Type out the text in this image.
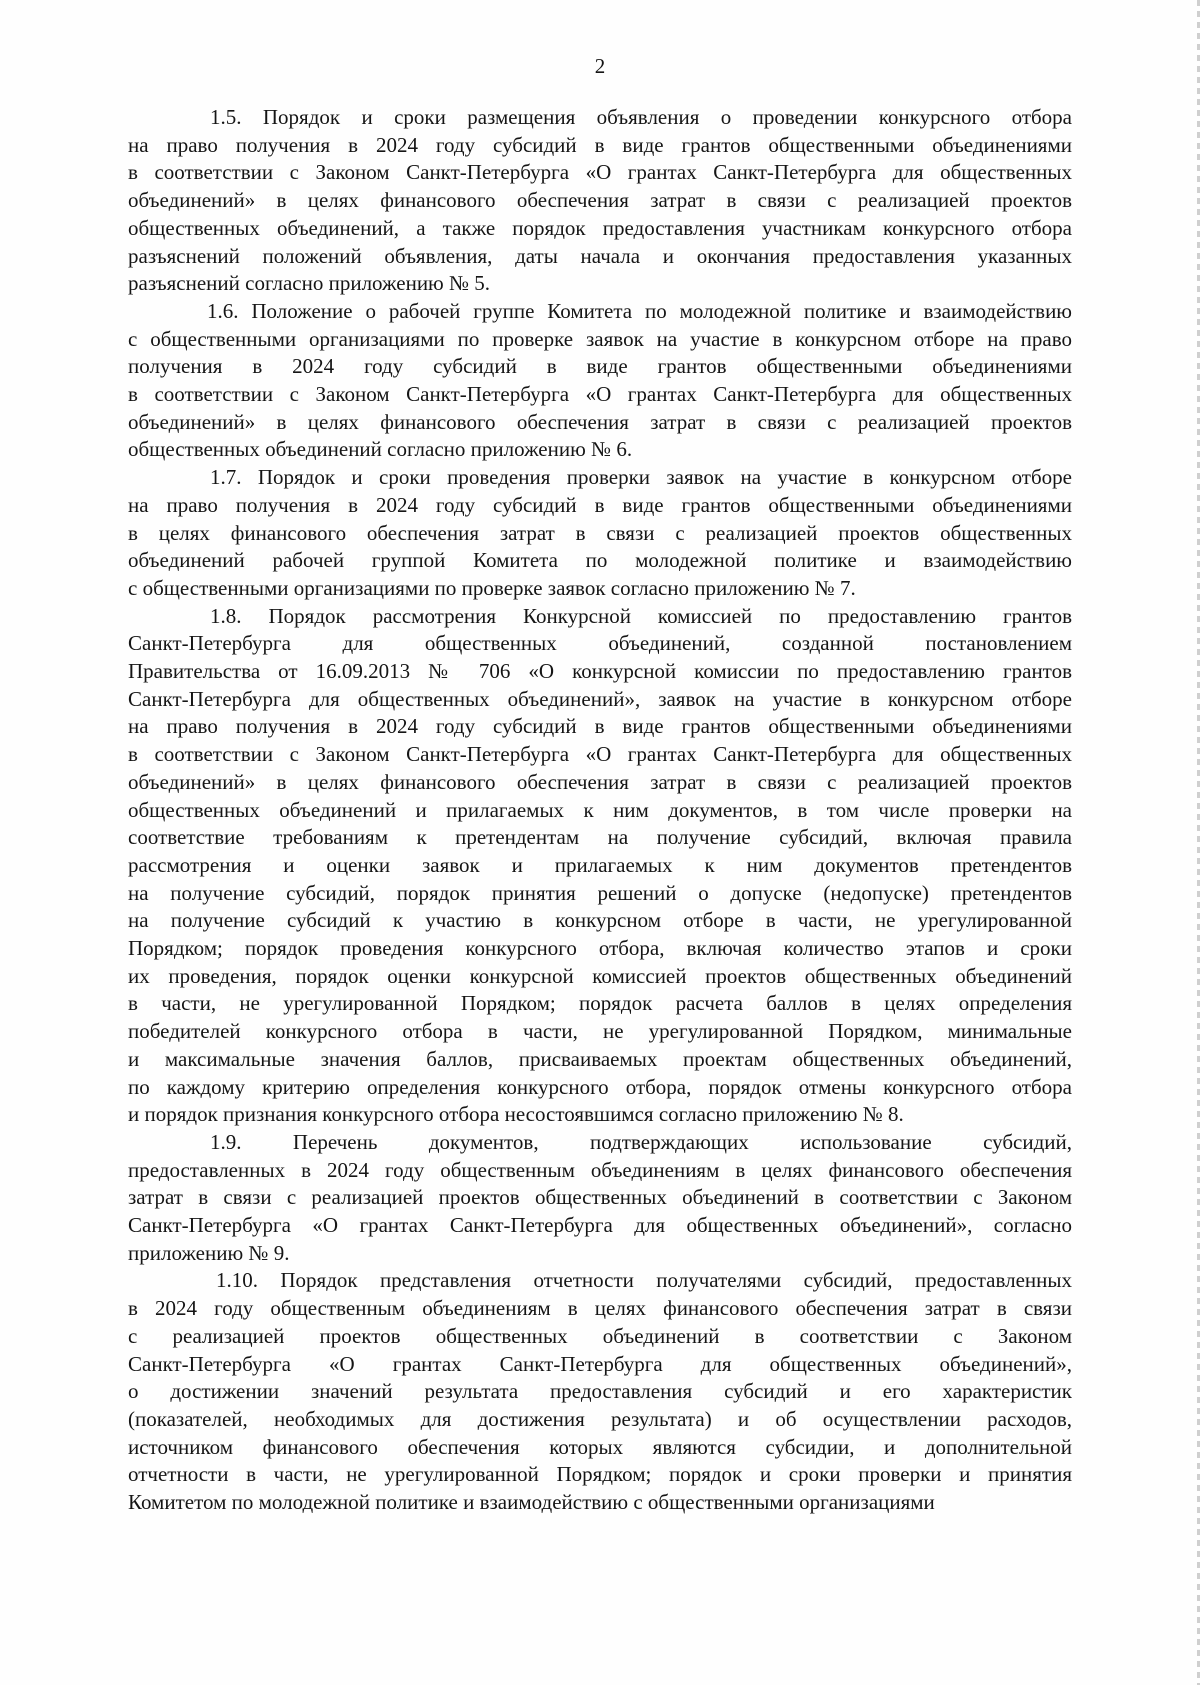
2
1.5. Порядок и сроки размещения объявления о проведении конкурсного отбора
на право получения в 2024 году субсидий в виде грантов общественными объединениями
в соответствии с Законом Санкт-Петербурга «О грантах Санкт-Петербурга для общественных
объединений» в целях финансового обеспечения затрат в связи с реализацией проектов
общественных объединений, а также порядок предоставления участникам конкурсного отбора
разъяснений положений объявления, даты начала и окончания предоставления указанных
разъяснений согласно приложению № 5.
1.6. Положение о рабочей группе Комитета по молодежной политике и взаимодействию
с общественными организациями по проверке заявок на участие в конкурсном отборе на право
получения в 2024 году субсидий в виде грантов общественными объединениями
в соответствии с Законом Санкт-Петербурга «О грантах Санкт-Петербурга для общественных
объединений» в целях финансового обеспечения затрат в связи с реализацией проектов
общественных объединений согласно приложению № 6.
1.7. Порядок и сроки проведения проверки заявок на участие в конкурсном отборе
на право получения в 2024 году субсидий в виде грантов общественными объединениями
в целях финансового обеспечения затрат в связи с реализацией проектов общественных
объединений рабочей группой Комитета по молодежной политике и взаимодействию
с общественными организациями по проверке заявок согласно приложению № 7.
1.8. Порядок рассмотрения Конкурсной комиссией по предоставлению грантов
Санкт-Петербурга для общественных объединений, созданной постановлением
Правительства от 16.09.2013 № 706 «О конкурсной комиссии по предоставлению грантов
Санкт-Петербурга для общественных объединений», заявок на участие в конкурсном отборе
на право получения в 2024 году субсидий в виде грантов общественными объединениями
в соответствии с Законом Санкт-Петербурга «О грантах Санкт-Петербурга для общественных
объединений» в целях финансового обеспечения затрат в связи с реализацией проектов
общественных объединений и прилагаемых к ним документов, в том числе проверки на
соответствие требованиям к претендентам на получение субсидий, включая правила
рассмотрения и оценки заявок и прилагаемых к ним документов претендентов
на получение субсидий, порядок принятия решений о допуске (недопуске) претендентов
на получение субсидий к участию в конкурсном отборе в части, не урегулированной
Порядком; порядок проведения конкурсного отбора, включая количество этапов и сроки
их проведения, порядок оценки конкурсной комиссией проектов общественных объединений
в части, не урегулированной Порядком; порядок расчета баллов в целях определения
победителей конкурсного отбора в части, не урегулированной Порядком, минимальные
и максимальные значения баллов, присваиваемых проектам общественных объединений,
по каждому критерию определения конкурсного отбора, порядок отмены конкурсного отбора
и порядок признания конкурсного отбора несостоявшимся согласно приложению № 8.
1.9. Перечень документов, подтверждающих использование субсидий,
предоставленных в 2024 году общественным объединениям в целях финансового обеспечения
затрат в связи с реализацией проектов общественных объединений в соответствии с Законом
Санкт-Петербурга «О грантах Санкт-Петербурга для общественных объединений», согласно
приложению № 9.
1.10. Порядок представления отчетности получателями субсидий, предоставленных
в 2024 году общественным объединениям в целях финансового обеспечения затрат в связи
с реализацией проектов общественных объединений в соответствии с Законом
Санкт-Петербурга «О грантах Санкт-Петербурга для общественных объединений»,
о достижении значений результата предоставления субсидий и его характеристик
(показателей, необходимых для достижения результата) и об осуществлении расходов,
источником финансового обеспечения которых являются субсидии, и дополнительной
отчетности в части, не урегулированной Порядком; порядок и сроки проверки и принятия
Комитетом по молодежной политике и взаимодействию с общественными организациями
